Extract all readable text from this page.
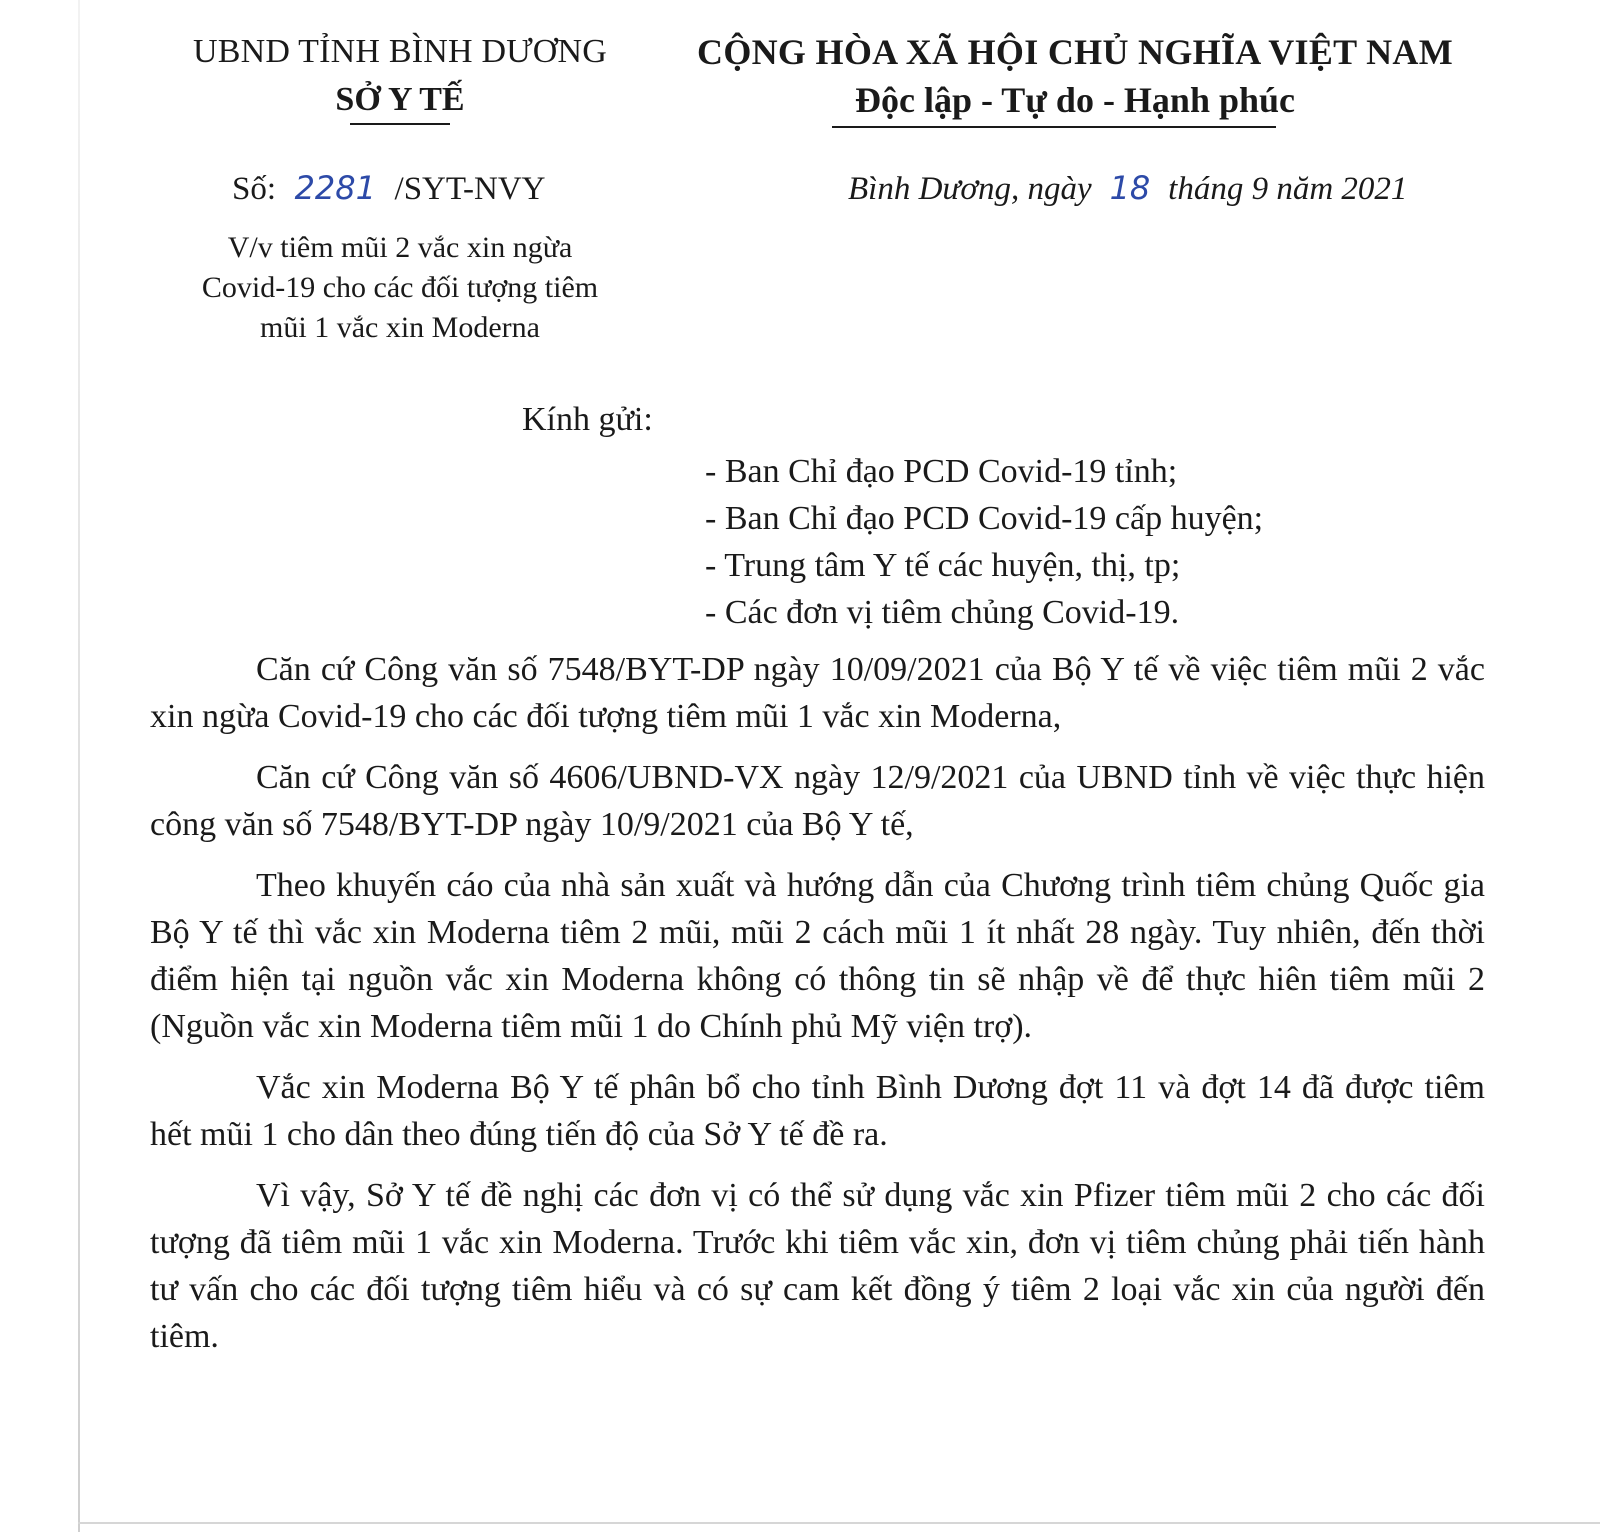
UBND TỈNH BÌNH DƯƠNG
SỞ Y TẾ
CỘNG HÒA XÃ HỘI CHỦ NGHĨA VIỆT NAM
Độc lập - Tự do - Hạnh phúc
Số: 2281 /SYT-NVY	Bình Dương, ngày 18 tháng 9 năm 2021
V/v tiêm mũi 2 vắc xin ngừa
Covid-19 cho các đối tượng tiêm
mũi 1 vắc xin Moderna
Kính gửi:
- Ban Chỉ đạo PCD Covid-19 tỉnh;
- Ban Chỉ đạo PCD Covid-19 cấp huyện;
- Trung tâm Y tế các huyện, thị, tp;
- Các đơn vị tiêm chủng Covid-19.

Căn cứ Công văn số 7548/BYT-DP ngày 10/09/2021 của Bộ Y tế về việc tiêm mũi 2 vắc xin ngừa Covid-19 cho các đối tượng tiêm mũi 1 vắc xin Moderna,

Căn cứ Công văn số 4606/UBND-VX ngày 12/9/2021 của UBND tỉnh về việc thực hiện công văn số 7548/BYT-DP ngày 10/9/2021 của Bộ Y tế,

Theo khuyến cáo của nhà sản xuất và hướng dẫn của Chương trình tiêm chủng Quốc gia Bộ Y tế thì vắc xin Moderna tiêm 2 mũi, mũi 2 cách mũi 1 ít nhất 28 ngày. Tuy nhiên, đến thời điểm hiện tại nguồn vắc xin Moderna không có thông tin sẽ nhập về để thực hiên tiêm mũi 2 (Nguồn vắc xin Moderna tiêm mũi 1 do Chính phủ Mỹ viện trợ).

Vắc xin Moderna Bộ Y tế phân bổ cho tỉnh Bình Dương đợt 11 và đợt 14 đã được tiêm hết mũi 1 cho dân theo đúng tiến độ của Sở Y tế đề ra.

Vì vậy, Sở Y tế đề nghị các đơn vị có thể sử dụng vắc xin Pfizer tiêm mũi 2 cho các đối tượng đã tiêm mũi 1 vắc xin Moderna. Trước khi tiêm vắc xin, đơn vị tiêm chủng phải tiến hành tư vấn cho các đối tượng tiêm hiểu và có sự cam kết đồng ý tiêm 2 loại vắc xin của người đến tiêm.
